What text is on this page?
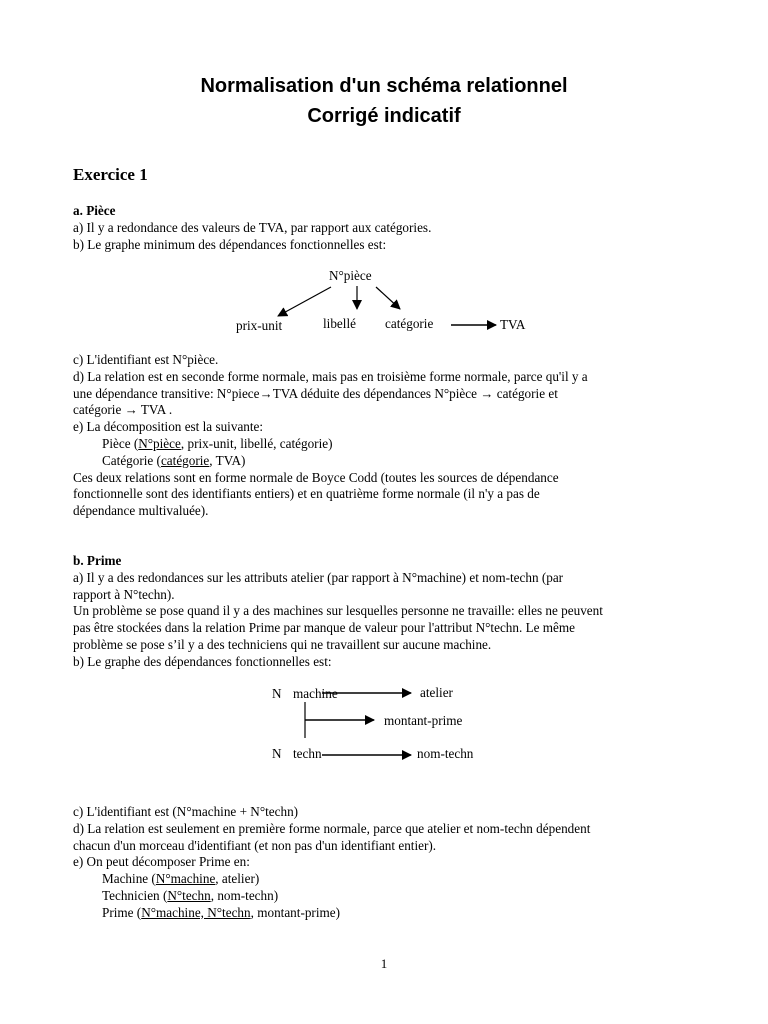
Normalisation d'un schéma relationnel
Corrigé indicatif
Exercice 1
a. Pièce
a) Il y a redondance des valeurs de TVA, par rapport aux catégories.
b) Le graphe minimum des dépendances fonctionnelles est:
N°pièce
prix-unit	libellé catégorie	TVA
c) L'identifiant est N°pièce.
d) La relation est en seconde forme normale, mais pas en troisième forme normale, parce qu'il y a
une dépendance transitive: N°piece→TVA déduite des dépendances N°pièce → catégorie et
catégorie → TVA .
e) La décomposition est la suivante:
Pièce (N°pièce, prix-unit, libellé, catégorie)
Catégorie (catégorie, TVA)
Ces deux relations sont en forme normale de Boyce Codd (toutes les sources de dépendance
fonctionnelle sont des identifiants entiers) et en quatrième forme normale (il n'y a pas de
dépendance multivaluée).
b. Prime
a) Il y a des redondances sur les attributs atelier (par rapport à N°machine) et nom-techn (par
rapport à N°techn).
Un problème se pose quand il y a des machines sur lesquelles personne ne travaille: elles ne peuvent
pas être stockées dans la relation Prime par manque de valeur pour l'attribut N°techn. Le même
problème se pose s’il y a des techniciens qui ne travaillent sur aucune machine.
b) Le graphe des dépendances fonctionnelles est:
N machine	atelier
montant-prime
N techn	nom-techn
c) L'identifiant est (N°machine + N°techn)
d) La relation est seulement en première forme normale, parce que atelier et nom-techn dépendent
chacun d'un morceau d'identifiant (et non pas d'un identifiant entier).
e) On peut décomposer Prime en:
Machine (N°machine, atelier)
Technicien (N°techn, nom-techn)
Prime (N°machine, N°techn, montant-prime)
1
